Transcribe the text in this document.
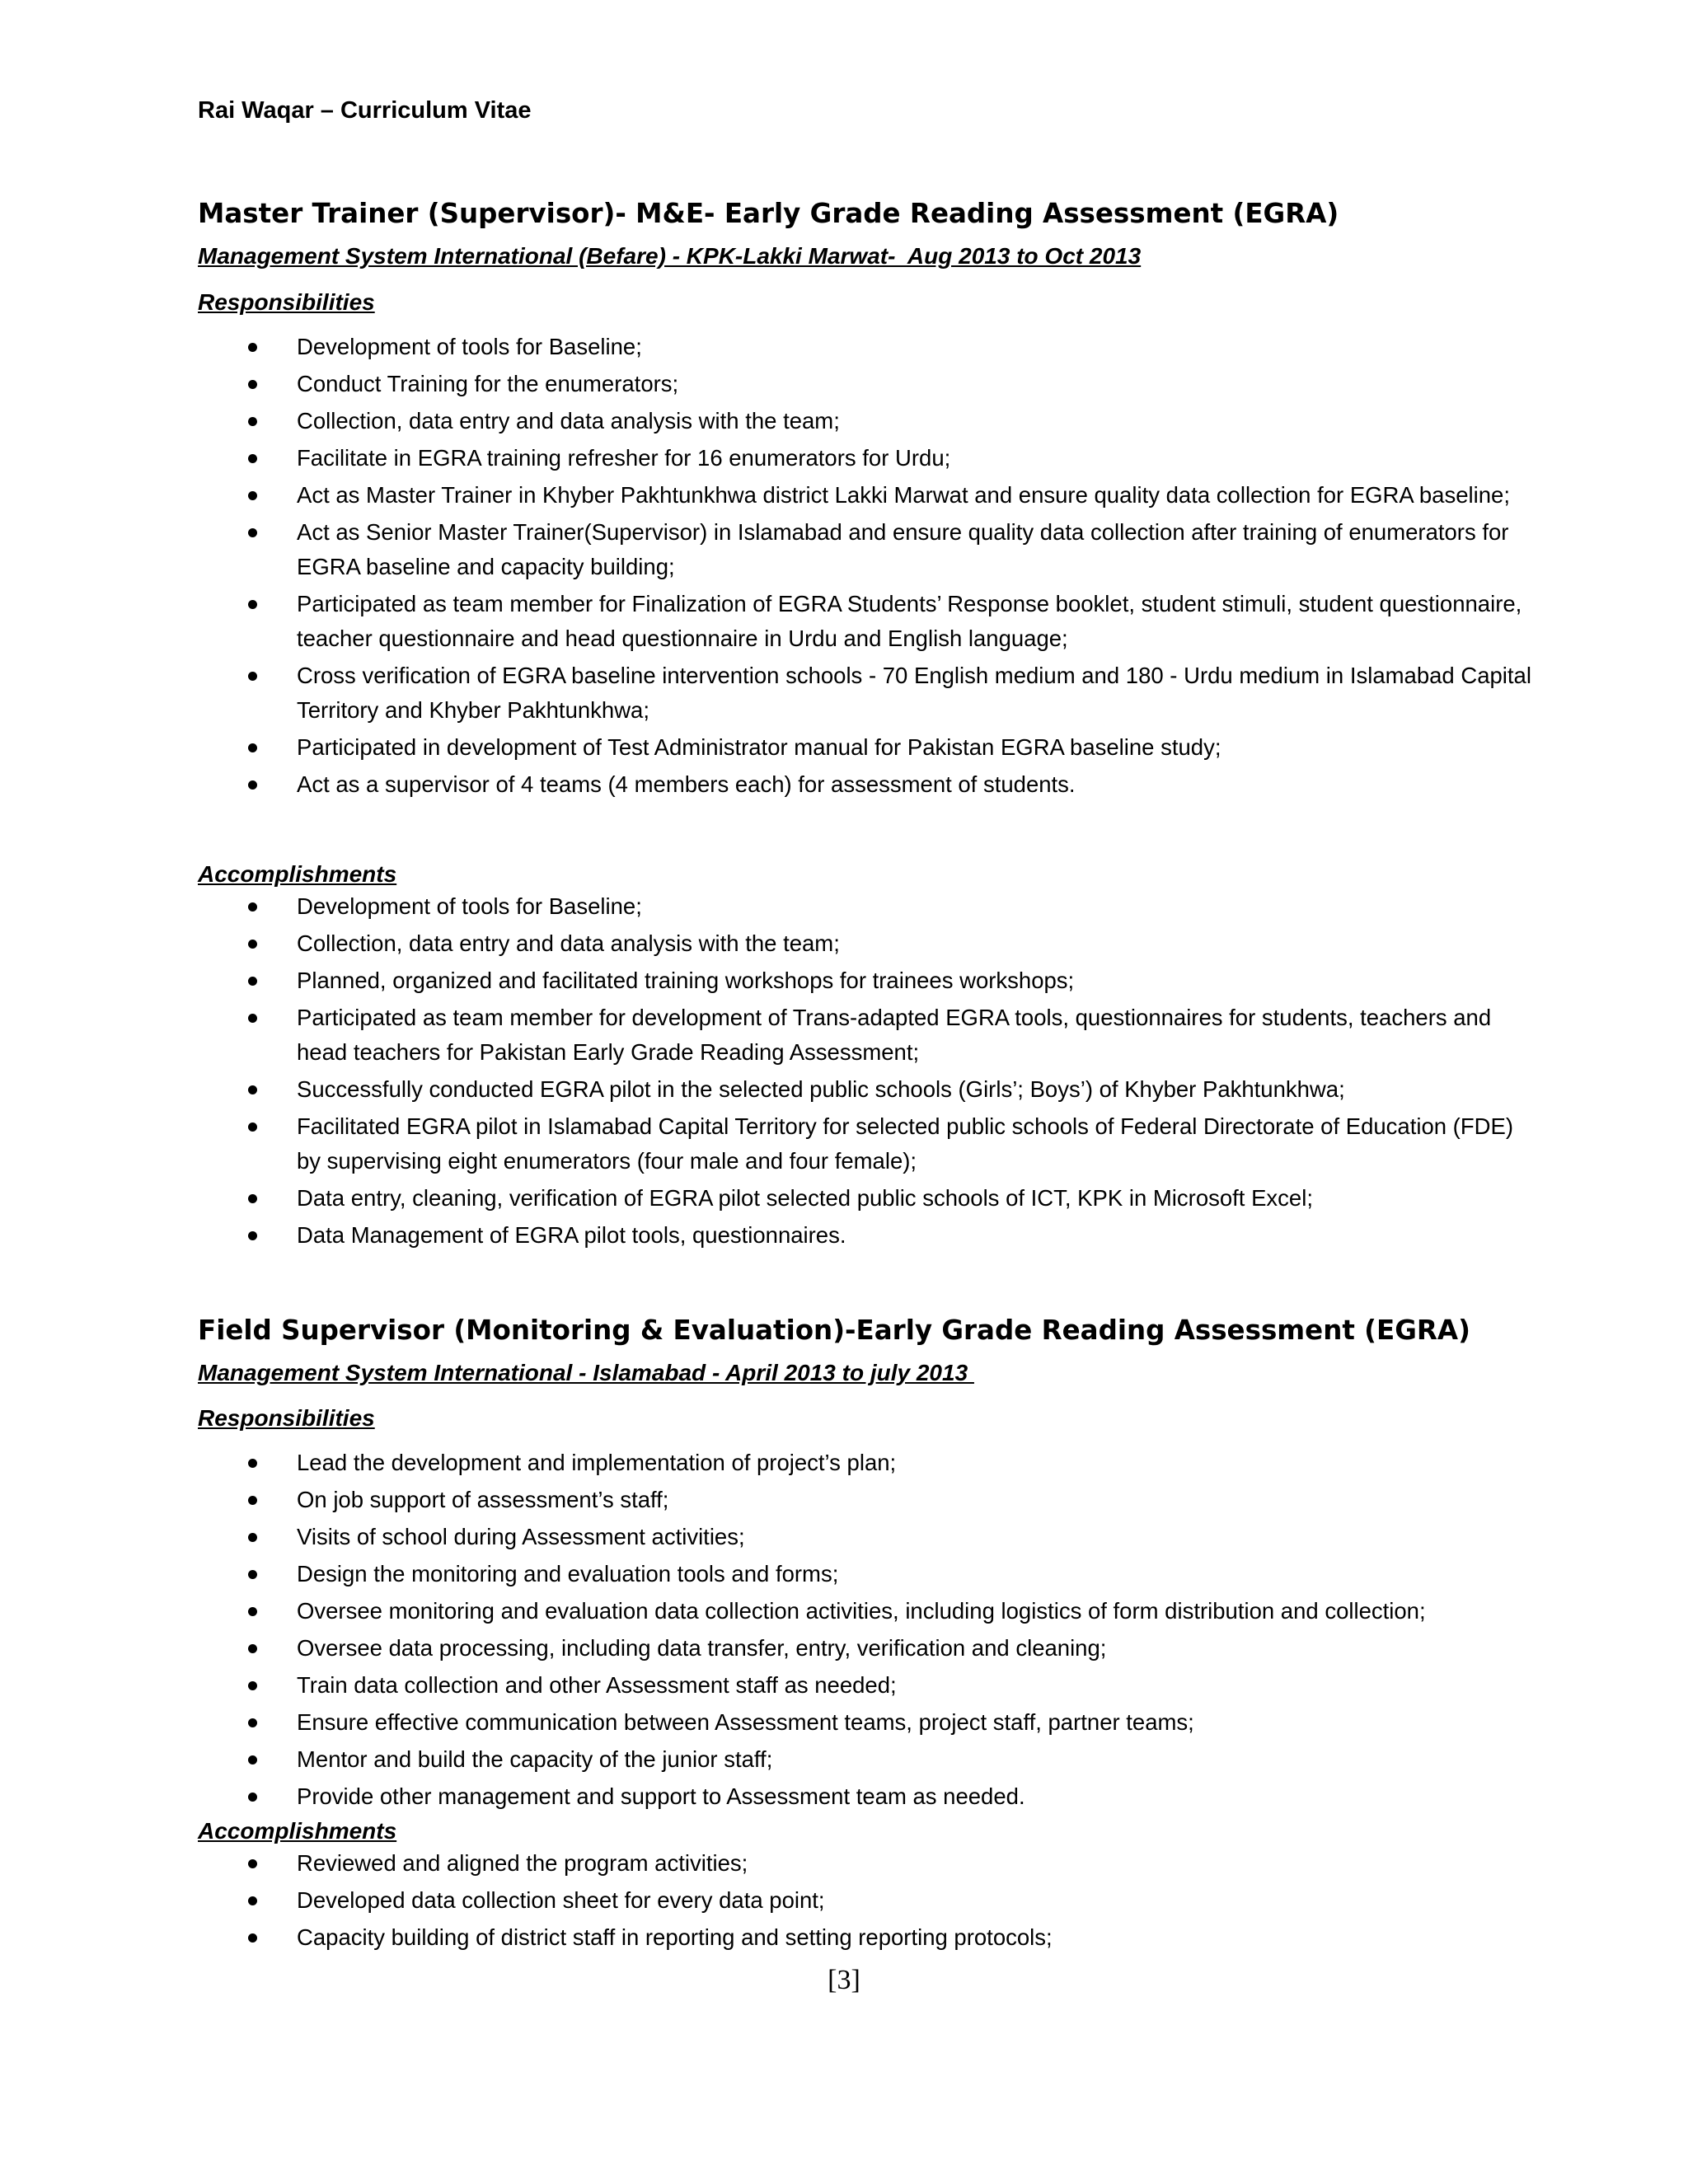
Rai Waqar – Curriculum Vitae
Master Trainer (Supervisor)- M&E- Early Grade Reading Assessment (EGRA)
Management System International (Befare) - KPK-Lakki Marwat-  Aug 2013 to Oct 2013
Responsibilities
Development of tools for Baseline;
Conduct Training for the enumerators;
Collection, data entry and data analysis with the team;
Facilitate in EGRA training refresher for 16 enumerators for Urdu;
Act as Master Trainer in Khyber Pakhtunkhwa district Lakki Marwat and ensure quality data collection for EGRA baseline;
Act as Senior Master Trainer(Supervisor) in Islamabad and ensure quality data collection after training of enumerators for EGRA baseline and capacity building;
Participated as team member for Finalization of EGRA Students’ Response booklet, student stimuli, student questionnaire, teacher questionnaire and head questionnaire in Urdu and English language;
Cross verification of EGRA baseline intervention schools - 70 English medium and 180 - Urdu medium in Islamabad Capital Territory and Khyber Pakhtunkhwa;
Participated in development of Test Administrator manual for Pakistan EGRA baseline study;
Act as a supervisor of 4 teams (4 members each) for assessment of students.
Accomplishments
Development of tools for Baseline;
Collection, data entry and data analysis with the team;
Planned, organized and facilitated training workshops for trainees workshops;
Participated as team member for development of Trans-adapted EGRA tools, questionnaires for students, teachers and head teachers for Pakistan Early Grade Reading Assessment;
Successfully conducted EGRA pilot in the selected public schools (Girls’; Boys’) of Khyber Pakhtunkhwa;
Facilitated EGRA pilot in Islamabad Capital Territory for selected public schools of Federal Directorate of Education (FDE) by supervising eight enumerators (four male and four female);
Data entry, cleaning, verification of EGRA pilot selected public schools of ICT, KPK in Microsoft Excel;
Data Management of EGRA pilot tools, questionnaires.
Field Supervisor (Monitoring & Evaluation)-Early Grade Reading Assessment (EGRA)
Management System International - Islamabad - April 2013 to july 2013
Responsibilities
Lead the development and implementation of project’s plan;
On job support of assessment’s staff;
Visits of school during Assessment activities;
Design the monitoring and evaluation tools and forms;
Oversee monitoring and evaluation data collection activities, including logistics of form distribution and collection;
Oversee data processing, including data transfer, entry, verification and cleaning;
Train data collection and other Assessment staff as needed;
Ensure effective communication between Assessment teams, project staff, partner teams;
Mentor and build the capacity of the junior staff;
Provide other management and support to Assessment team as needed.
Accomplishments
Reviewed and aligned the program activities;
Developed data collection sheet for every data point;
Capacity building of district staff in reporting and setting reporting protocols;
[3]
